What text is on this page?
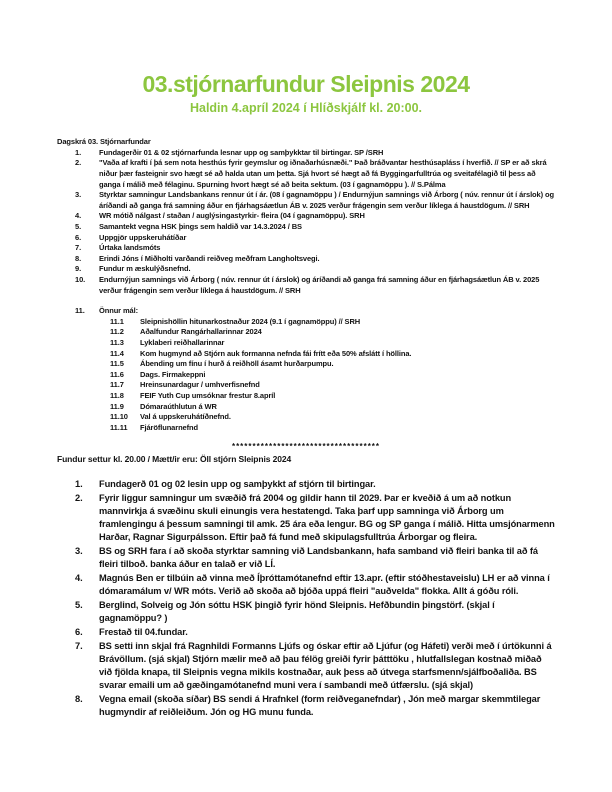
03.stjórnarfundur Sleipnis 2024
Haldin 4.apríl 2024 í Hlíðskjálf kl. 20:00.
Dagskrá 03. Stjórnarfundar
1.	Fundagerðir 01 & 02 stjórnarfunda lesnar upp og samþykktar til birtingar. SP /SRH
2.	"Vaða af krafti í þá sem nota hesthús fyrir geymslur og iðnaðarhúsnæði." Það bráðvantar hesthúsapláss í hverfið. // SP er að skrá niður þær fasteignir svo hægt sé að halda utan um þetta. Sjá hvort sé hægt að fá Byggingarfulltrúa og sveitafélagið til þess að ganga í málið með félaginu. Spurning hvort hægt sé að beita sektum. (03 í gagnamöppu ). // S.Pálma
3.	Styrktar samningur Landsbankans rennur út í ár. (08 í gagnamöppu ) / Endurnýjun samnings við Árborg ( núv. rennur út í árslok) og áríðandi að ganga frá samning áður en fjárhagsáætlun ÁB v. 2025 verður frágengin sem verður líklega á haustdögum. // SRH
4.	WR mótið nálgast / staðan / auglýsingastyrkir- fleira (04 í gagnamöppu). SRH
5.	Samantekt vegna HSK þings sem haldið var 14.3.2024 / BS
6.	Uppgjör uppskeruhátíðar
7.	Úrtaka landsmóts
8.	Erindi Jóns í Miðholti varðandi reiðveg meðfram Langholtsvegi.
9.	Fundur m æskulýðsnefnd.
10.	Endurnýjun samnings við Árborg ( núv. rennur út í árslok) og áríðandi að ganga frá samning áður en fjárhagsáætlun ÁB v. 2025 verður frágengin sem verður líklega á haustdögum. // SRH
11.	Önnur mál:
11.1	Sleipnishöllin hitunarkostnaður 2024 (9.1 í gagnamöppu) // SRH
11.2	Aðalfundur Rangárhallarinnar 2024
11.3	Lyklaberi reiðhallarinnar
11.4	Kom hugmynd að Stjórn auk formanna nefnda fái frítt eða 50% afslátt í höllina.
11.5	Ábending um fínu í hurð á reiðhöll ásamt hurðarpumpu.
11.6	Dags. Firmakeppni
11.7	Hreinsunardagur / umhverfisnefnd
11.8	FEIF Yuth Cup umsóknar frestur 8.apríl
11.9	Dómaraúthlutun á WR
11.10	Val á uppskeruhátíðnefnd.
11.11	Fjáröflunarnefnd
************************************
Fundur settur kl. 20.00 / Mætt/ir eru: Öll stjórn Sleipnis 2024
1.	Fundagerð 01 og 02 lesin upp og samþykkt af stjórn til birtingar.
2.	Fyrir liggur samningur um svæðið frá 2004 og gildir hann til 2029. Þar er kveðið á um að notkun mannvirkja á svæðinu skuli einungis vera hestatengd. Taka þarf upp samninga við Árborg um framlengingu á þessum samningi til amk. 25 ára eða lengur. BG og SP ganga í málið. Hitta umsjónarmenn Harðar, Ragnar Sigurpálsson. Eftir það fá fund með skipulagsfulltrúa Árborgar og fleira.
3.	BS og SRH fara í að skoða styrktar samning við Landsbankann, hafa samband við fleiri banka til að fá fleiri tilboð. banka áður en talað er við LÍ.
4.	Magnús Ben er tilbúin að vinna með Íþróttamótanefnd eftir 13.apr. (eftir stóðhestaveislu) LH er að vinna í dómaramálum v/ WR móts. Verið að skoða að bjóða uppá fleiri "auðvelda" flokka. Allt á góðu róli.
5.	Berglind, Solveig og Jón sóttu HSK þingið fyrir hönd Sleipnis. Hefðbundin þingstörf. (skjal í gagnamöppu? )
6.	Frestað til 04.fundar.
7.	BS setti inn skjal frá Ragnhildi Formanns Ljúfs og óskar eftir að Ljúfur (og Háfeti) verði með í úrtökunni á Brávöllum. (sjá skjal) Stjórn mælir með að þau félög greiði fyrir þátttöku , hlutfallslegan kostnað miðað við fjölda knapa, til Sleipnis vegna mikils kostnaðar, auk þess að útvega starfsmenn/sjálfboðaliða. BS svarar emaili um að gæðingamótanefnd muni vera í sambandi með útfærslu. (sjá skjal)
8.	Vegna email (skoða síðar) BS sendi á Hrafnkel (form reiðveganefndar) , Jón með margar skemmtilegar hugmyndir af reiðleiðum. Jón og HG munu funda.
